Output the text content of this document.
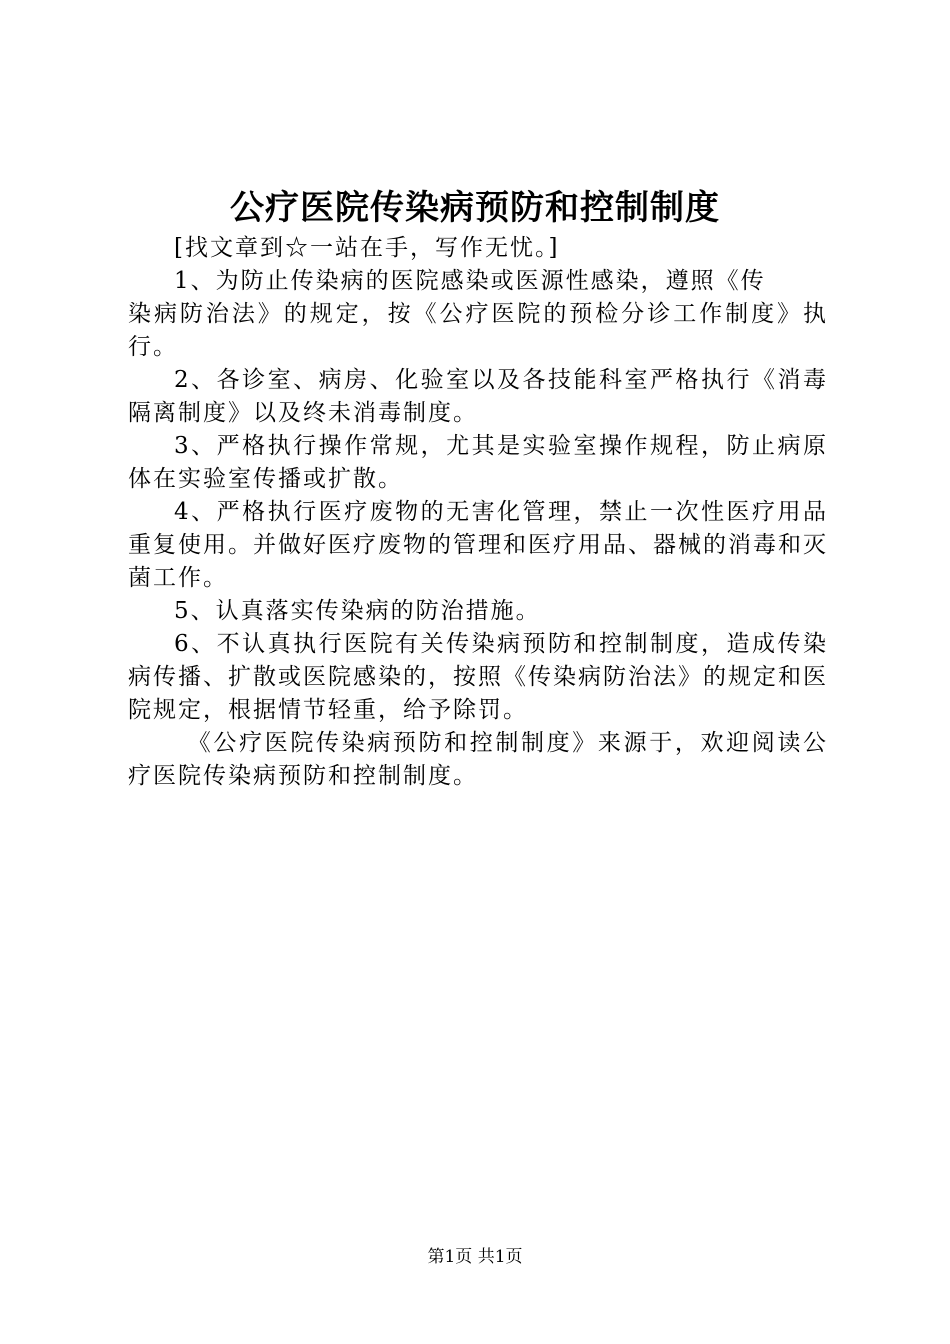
公疗医院传染病预防和控制制度

[找文章到☆一站在手，写作无忧。]

1、为防止传染病的医院感染或医源性感染，遵照《传
染病防治法》的规定，按《公疗医院的预检分诊工作制度》执行。

2、各诊室、病房、化验室以及各技能科室严格执行《消毒隔离制度》以及终未消毒制度。

3、严格执行操作常规，尤其是实验室操作规程，防止病原体在实验室传播或扩散。

4、严格执行医疗废物的无害化管理，禁止一次性医疗用品重复使用。并做好医疗废物的管理和医疗用品、器械的消毒和灭菌工作。

5、认真落实传染病的防治措施。

6、不认真执行医院有关传染病预防和控制制度，造成传染病传播、扩散或医院感染的，按照《传染病防治法》的规定和医院规定，根据情节轻重，给予除罚。

《公疗医院传染病预防和控制制度》来源于，欢迎阅读公疗医院传染病预防和控制制度。

第1页 共1页
